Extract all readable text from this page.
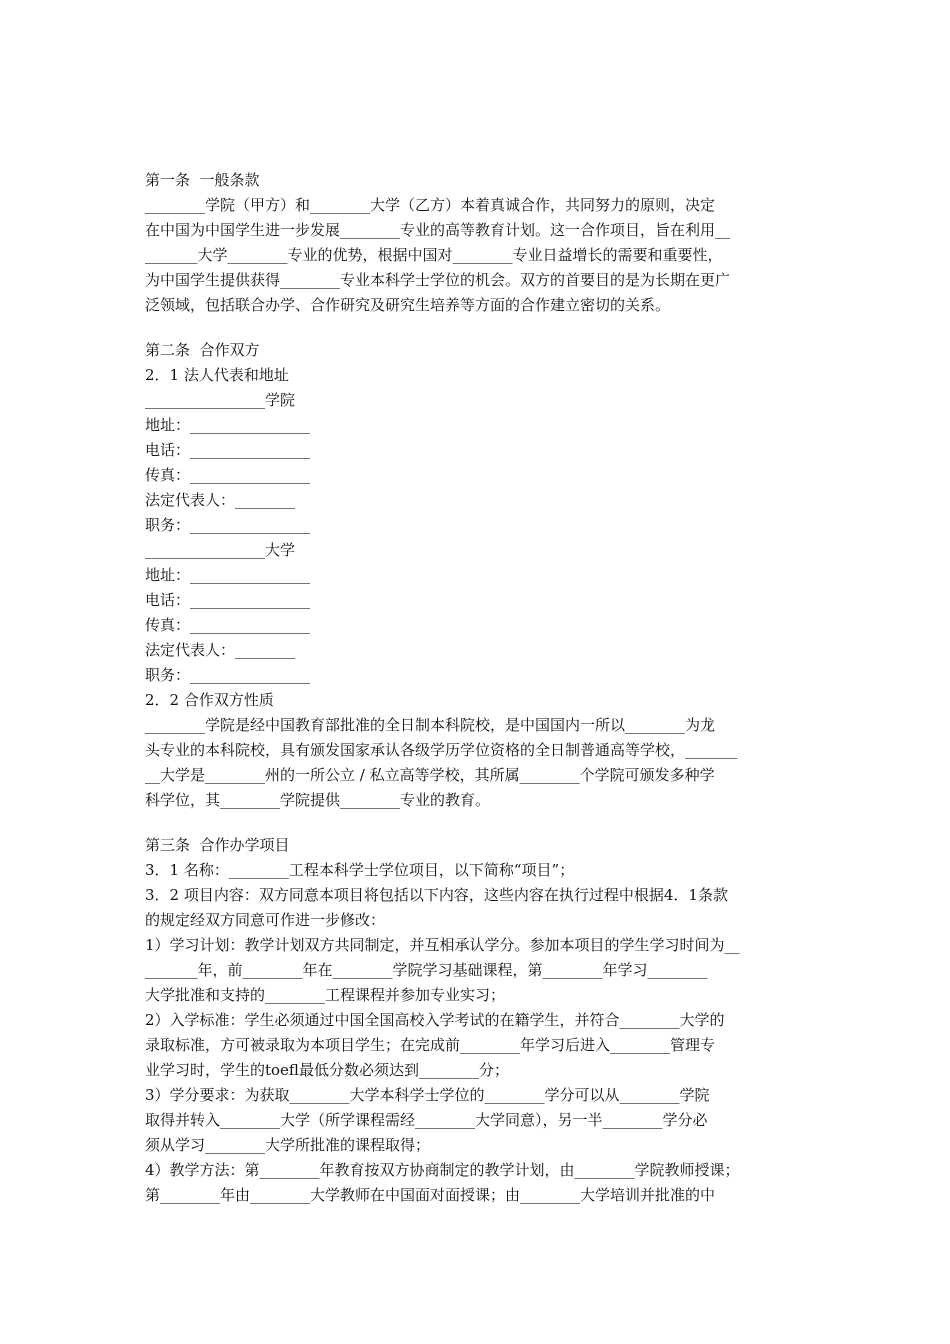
第一条  一般条款
________学院（甲方）和________大学（乙方）本着真诚合作，共同努力的原则，决定
在中国为中国学生进一步发展________专业的高等教育计划。这一合作项目，旨在利用__
_______大学________专业的优势，根据中国对________专业日益增长的需要和重要性，
为中国学生提供获得________专业本科学士学位的机会。双方的首要目的是为长期在更广
泛领域，包括联合办学、合作研究及研究生培养等方面的合作建立密切的关系。
第二条  合作双方
2．1 法人代表和地址
________________学院
地址：________________
电话：________________
传真：________________
法定代表人：________
职务：________________
________________大学
地址：________________
电话：________________
传真：________________
法定代表人：________
职务：________________
2．2 合作双方性质
________学院是经中国教育部批准的全日制本科院校，是中国国内一所以________为龙
头专业的本科院校，具有颁发国家承认各级学历学位资格的全日制普通高等学校，_______
__大学是________州的一所公立 / 私立高等学校，其所属________个学院可颁发多种学
科学位，其________学院提供________专业的教育。
第三条  合作办学项目
3．1 名称：________工程本科学士学位项目，以下简称“项目”；
3．2 项目内容：双方同意本项目将包括以下内容，这些内容在执行过程中根据4．1条款
的规定经双方同意可作进一步修改：
1）学习计划：教学计划双方共同制定，并互相承认学分。参加本项目的学生学习时间为__
_______年，前________年在________学院学习基础课程，第________年学习________
大学批准和支持的________工程课程并参加专业实习；
2）入学标准：学生必须通过中国全国高校入学考试的在籍学生，并符合________大学的
录取标准，方可被录取为本项目学生；在完成前________年学习后进入________管理专
业学习时，学生的toefl最低分数必须达到________分；
3）学分要求：为获取________大学本科学士学位的________学分可以从________学院
取得并转入________大学（所学课程需经________大学同意），另一半________学分必
须从学习________大学所批准的课程取得；
4）教学方法：第________年教育按双方协商制定的教学计划，由________学院教师授课；
第________年由________大学教师在中国面对面授课；由________大学培训并批准的中
